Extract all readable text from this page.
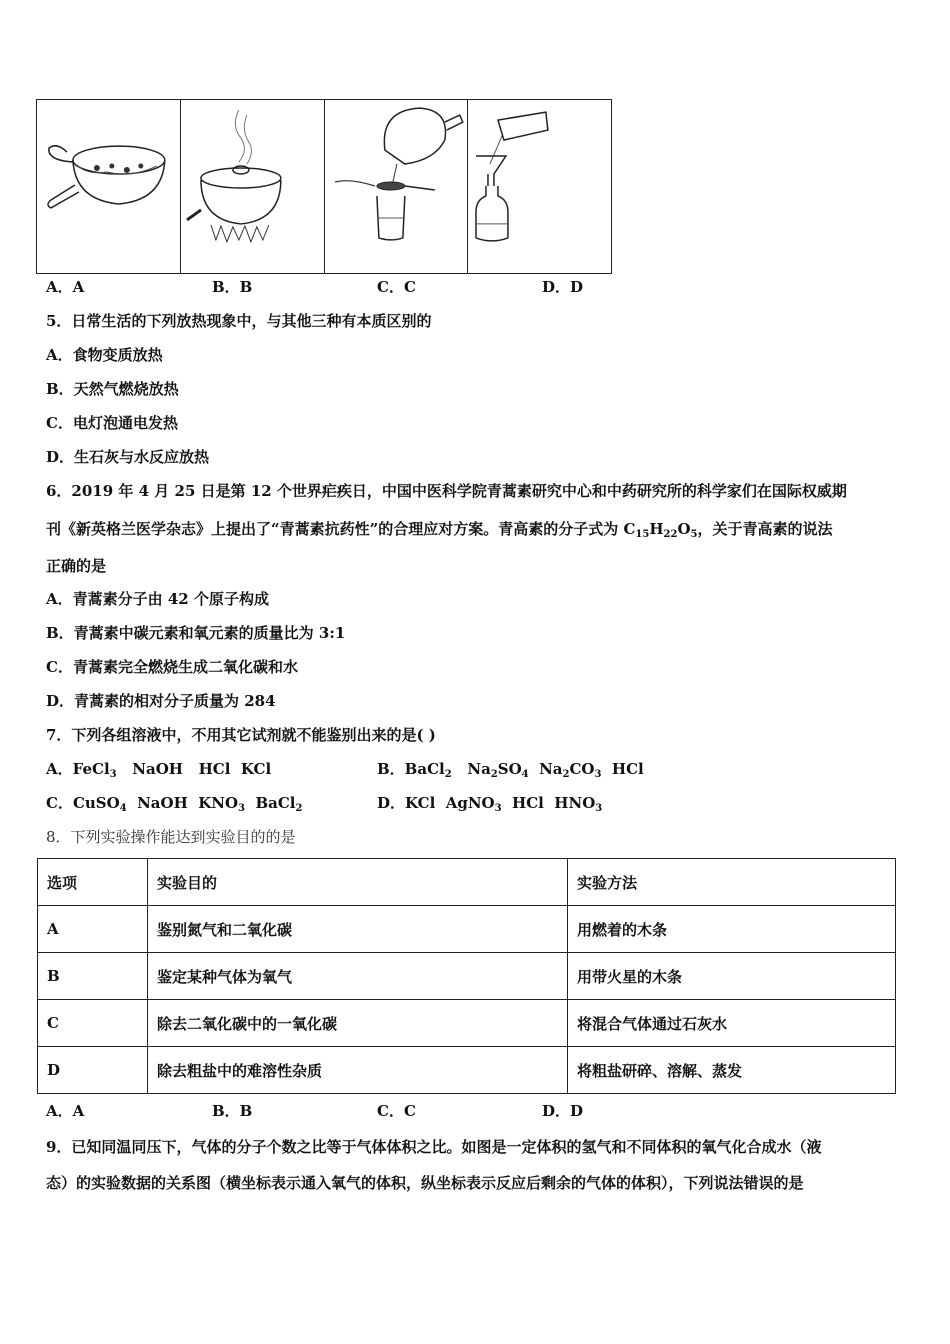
A．A	B．B	C．C	D．D
5．日常生活的下列放热现象中，与其他三种有本质区别的
A．食物变质放热
B．天然气燃烧放热
C．电灯泡通电发热
D．生石灰与水反应放热
6．2019 年 4 月 25 日是第 12 个世界疟疾日，中国中医科学院青蒿素研究中心和中药研究所的科学家们在国际权威期
刊《新英格兰医学杂志》上提出了“青蒿素抗药性”的合理应对方案。青高素的分子式为 $C_{15}H_{22}O_5$，关于青高素的说法
正确的是
A．青蒿素分子由 42 个原子构成
B．青蒿素中碳元素和氧元素的质量比为 3:1
C．青蒿素完全燃烧生成二氧化碳和水
D．青蒿素的相对分子质量为 284
7．下列各组溶液中，不用其它试剂就不能鉴别出来的是( )
A．FeCl$_3$   NaOH   HCl  KCl	B．BaCl$_2$   $Na_2SO_4$  $Na_2CO_3$  HCl
C．CuSO$_4$  NaOH  $KNO_3$  BaCl$_2$	D．KCl  AgNO$_3$  HCl  $HNO_3$
8．下列实验操作能达到实验目的的是
选项	实验目的	实验方法
A	鉴别氮气和二氧化碳	用燃着的木条
B	鉴定某种气体为氧气	用带火星的木条
C	除去二氧化碳中的一氧化碳	将混合气体通过石灰水
D	除去粗盐中的难溶性杂质	将粗盐研碎、溶解、蒸发
A．A	B．B	C．C	D．D
9．已知同温同压下，气体的分子个数之比等于气体体积之比。如图是一定体积的氢气和不同体积的氧气化合成水（液
态）的实验数据的关系图（横坐标表示通入氧气的体积，纵坐标表示反应后剩余的气体的体积），下列说法错误的是
